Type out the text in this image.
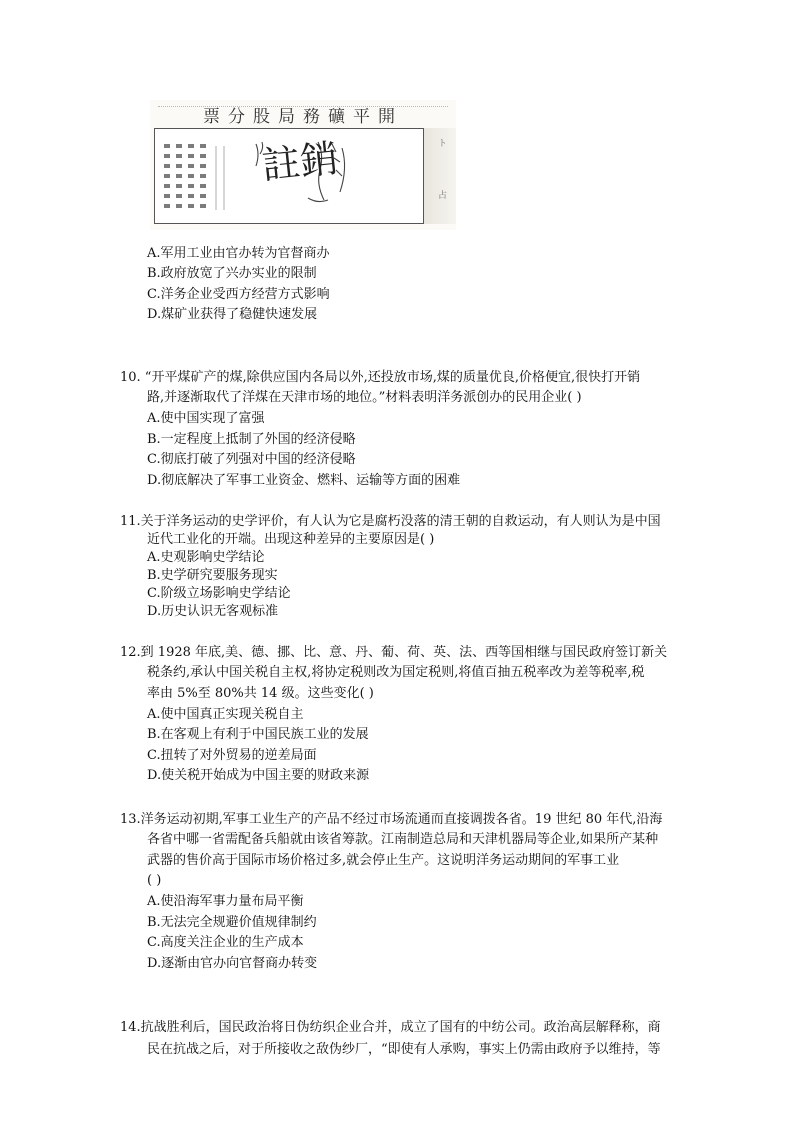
票分股局務礦平開
ト
占
註銷
A.军用工业由官办转为官督商办
B.政府放宽了兴办实业的限制
C.洋务企业受西方经营方式影响
D.煤矿业获得了稳健快速发展
10. “开平煤矿产的煤,除供应国内各局以外,还投放市场,煤的质量优良,价格便宜,很快打开销
路,并逐渐取代了洋煤在天津市场的地位。”材料表明洋务派创办的民用企业( )
A.使中国实现了富强
B.一定程度上抵制了外国的经济侵略
C.彻底打破了列强对中国的经济侵略
D.彻底解决了军事工业资金、燃料、运输等方面的困难
11.关于洋务运动的史学评价，有人认为它是腐朽没落的清王朝的自救运动，有人则认为是中国
近代工业化的开端。出现这种差异的主要原因是( )
A.史观影响史学结论
B.史学研究要服务现实
C.阶级立场影响史学结论
D.历史认识无客观标准
12.到 1928 年底,美、德、挪、比、意、丹、葡、荷、英、法、西等国相继与国民政府签订新关
税条约,承认中国关税自主权,将协定税则改为国定税则,将值百抽五税率改为差等税率,税
率由 5%至 80%共 14 级。这些变化( )
A.使中国真正实现关税自主
B.在客观上有利于中国民族工业的发展
C.扭转了对外贸易的逆差局面
D.使关税开始成为中国主要的财政来源
13.洋务运动初期,军事工业生产的产品不经过市场流通而直接调拨各省。19 世纪 80 年代,沿海
各省中哪一省需配备兵船就由该省筹款。江南制造总局和天津机器局等企业,如果所产某种
武器的售价高于国际市场价格过多,就会停止生产。这说明洋务运动期间的军事工业
( )
A.使沿海军事力量布局平衡
B.无法完全规避价值规律制约
C.高度关注企业的生产成本
D.逐渐由官办向官督商办转变
14.抗战胜利后，国民政治将日伪纺织企业合并，成立了国有的中纺公司。政治高层解释称，商
民在抗战之后，对于所接收之敌伪纱厂，“即使有人承购，事实上仍需由政府予以维持，等
